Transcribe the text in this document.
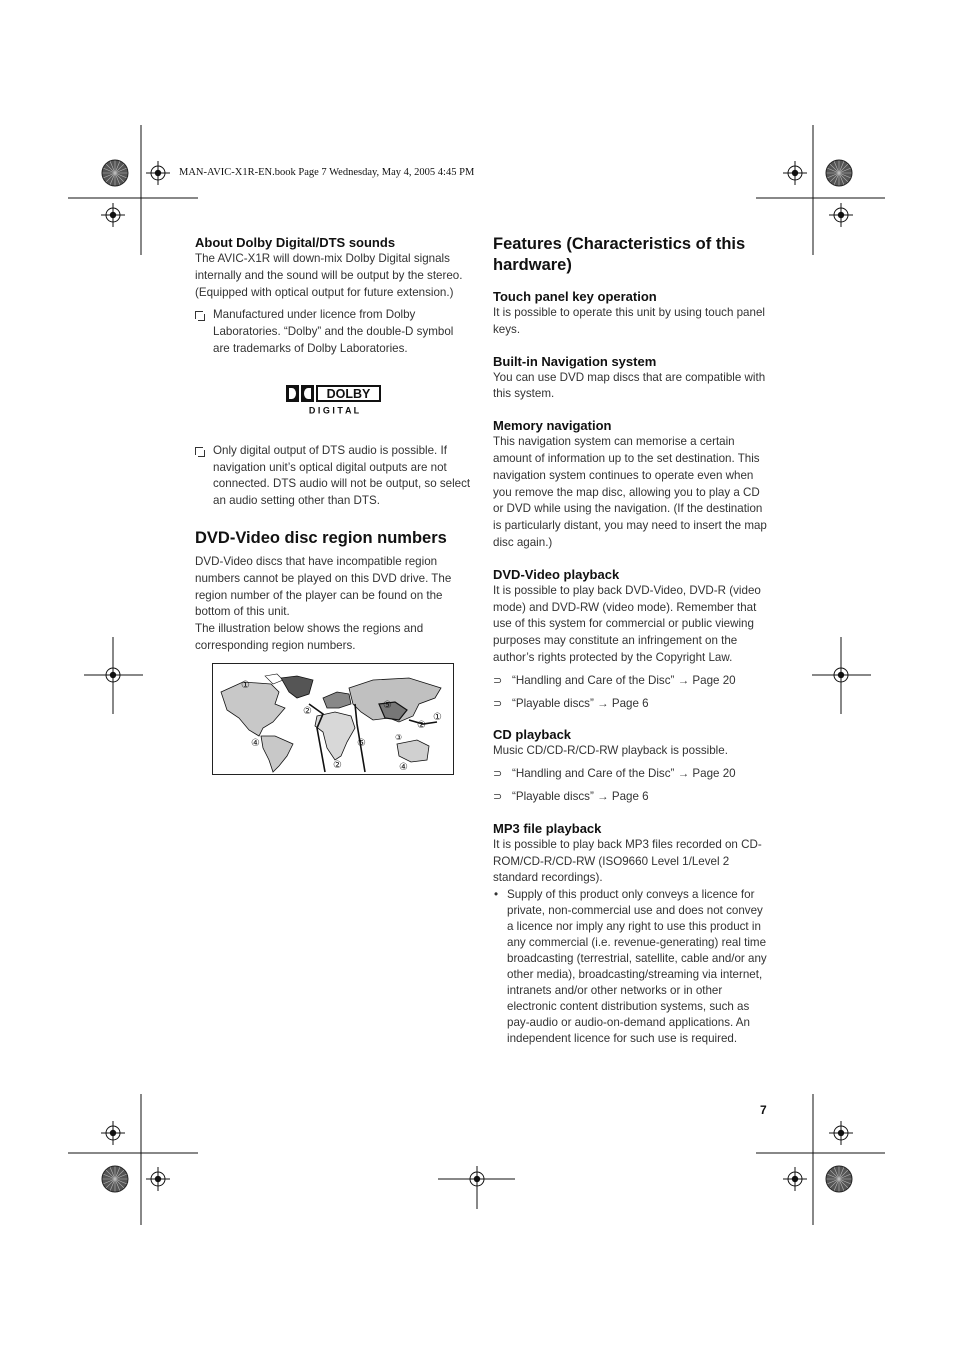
MAN-AVIC-X1R-EN.book Page 7 Wednesday, May 4, 2005 4:45 PM
About Dolby Digital/DTS sounds

The AVIC-X1R will down-mix Dolby Digital signals internally and the sound will be output by the stereo. (Equipped with optical output for future extension.)

Manufactured under licence from Dolby Laboratories. “Dolby” and the double-D symbol are trademarks of Dolby Laboratories.
DOLBY
D I G I T A L
Only digital output of DTS audio is possible. If navigation unit’s optical digital outputs are not connected. DTS audio will not be output, so select an audio setting other than DTS.
DVD-Video disc region numbers

DVD-Video discs that have incompatible region numbers cannot be played on this DVD drive. The region number of the player can be found on the bottom of this unit.

The illustration below shows the regions and corresponding region numbers.

①
②
⑤
①
②
④	⑤
②	④
③
Features (Characteristics of this hardware)
Touch panel key operation

It is possible to operate this unit by using touch panel keys.

Built-in Navigation system

You can use DVD map discs that are compatible with this system.

Memory navigation

This navigation system can memorise a certain amount of information up to the set destination. This navigation system continues to operate even when you remove the map disc, allowing you to play a CD or DVD while using the navigation. (If the destination is particularly distant, you may need to insert the map disc again.)

DVD-Video playback

It is possible to play back DVD-Video, DVD-R (video mode) and DVD-RW (video mode). Remember that use of this system for commercial or public viewing purposes may constitute an infringement on the author’s rights protected by the Copyright Law.

⊃ “Handling and Care of the Disc” → Page 20
⊃ “Playable discs” → Page 6
CD playback

Music CD/CD-R/CD-RW playback is possible.

⊃ “Handling and Care of the Disc” → Page 20
⊃ “Playable discs” → Page 6
MP3 file playback

It is possible to play back MP3 files recorded on CD-ROM/CD-R/CD-RW (ISO9660 Level 1/Level 2 standard recordings).

• Supply of this product only conveys a licence for private, non-commercial use and does not convey a licence nor imply any right to use this product in any commercial (i.e. revenue-generating) real time broadcasting (terrestrial, satellite, cable and/or any other media), broadcasting/streaming via internet, intranets and/or other networks or in other electronic content distribution systems, such as pay-audio or audio-on-demand applications. An independent licence for such use is required.
7
